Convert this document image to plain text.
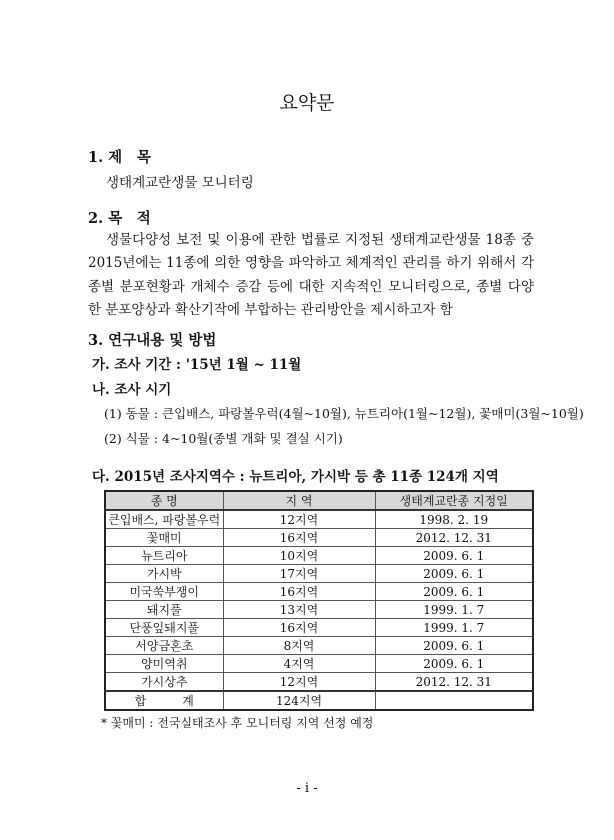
요약문
1. 제　목
생태계교란생물 모니터링
2. 목　적
생물다양성 보전 및 이용에 관한 법률로 지정된 생태계교란생물 18종 중 2015년에는 11종에 의한 영향을 파악하고 체계적인 관리를 하기 위해서 각 종별 분포현황과 개체수 증감 등에 대한 지속적인 모니터링으로, 종별 다양한 분포양상과 확산기작에 부합하는 관리방안을 제시하고자 함
3. 연구내용 및 방법
가. 조사 기간 : '15년 1월 ~ 11월
나. 조사 시기
(1) 동물 : 큰입배스, 파랑볼우럭(4월~10월), 뉴트리아(1월~12월), 꽃매미(3월~10월)
(2) 식물 : 4~10월(종별 개화 및 결실 시기)
다. 2015년 조사지역수 : 뉴트리아, 가시박 등 총 11종 124개 지역
종 명	지 역	생태계교란종 지정일
큰입배스, 파랑볼우럭	12지역	1998. 2. 19
꽃매미	16지역	2012. 12. 31
뉴트리아	10지역	2009. 6. 1
가시박	17지역	2009. 6. 1
미국쑥부쟁이	16지역	2009. 6. 1
돼지풀	13지역	1999. 1. 7
단풍잎돼지풀	16지역	1999. 1. 7
서양금혼초	8지역	2009. 6. 1
양미역취	4지역	2009. 6. 1
가시상추	12지역	2012. 12. 31
합　　　계	124지역	
* 꽃매미 : 전국실태조사 후 모니터링 지역 선정 예정
- i -
